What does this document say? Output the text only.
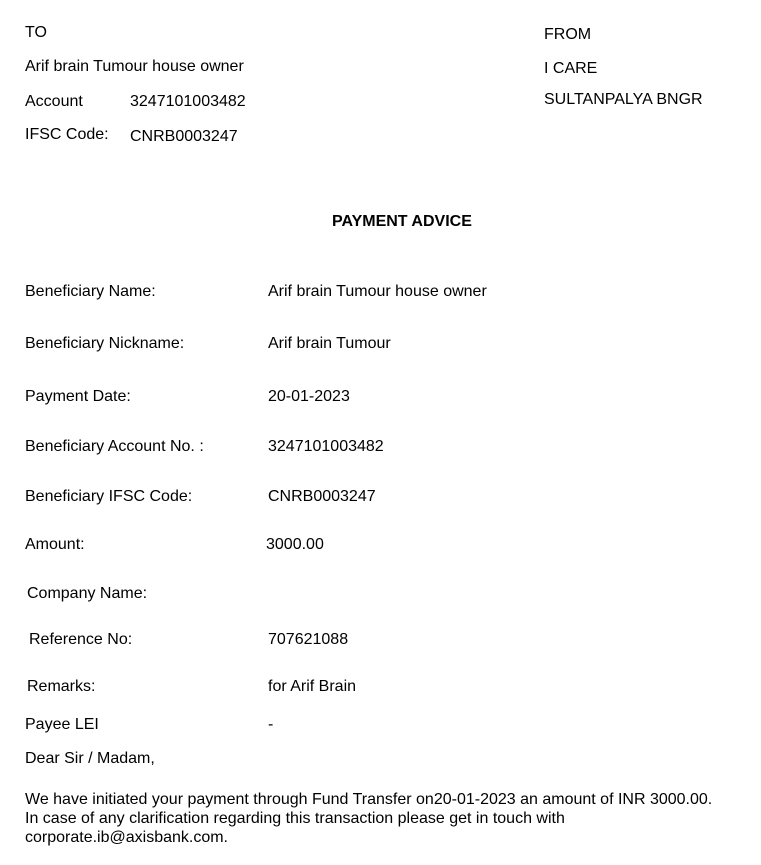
TO
Arif brain Tumour house owner
Account	3247101003482
IFSC Code: CNRB0003247
FROM
I CARE
SULTANPALYA BNGR
PAYMENT ADVICE
Beneficiary Name:	Arif brain Tumour house owner
Beneficiary Nickname:	Arif brain Tumour
Payment Date:	20-01-2023
Beneficiary Account No. :	3247101003482
Beneficiary IFSC Code:	CNRB0003247
Amount:	3000.00
Company Name:
Reference No:	707621088
Remarks:	for Arif Brain
Payee LEI	-
Dear Sir / Madam,
We have initiated your payment through Fund Transfer on20-01-2023 an amount of INR 3000.00. In case of any clarification regarding this transaction please get in touch with corporate.ib@axisbank.com.
